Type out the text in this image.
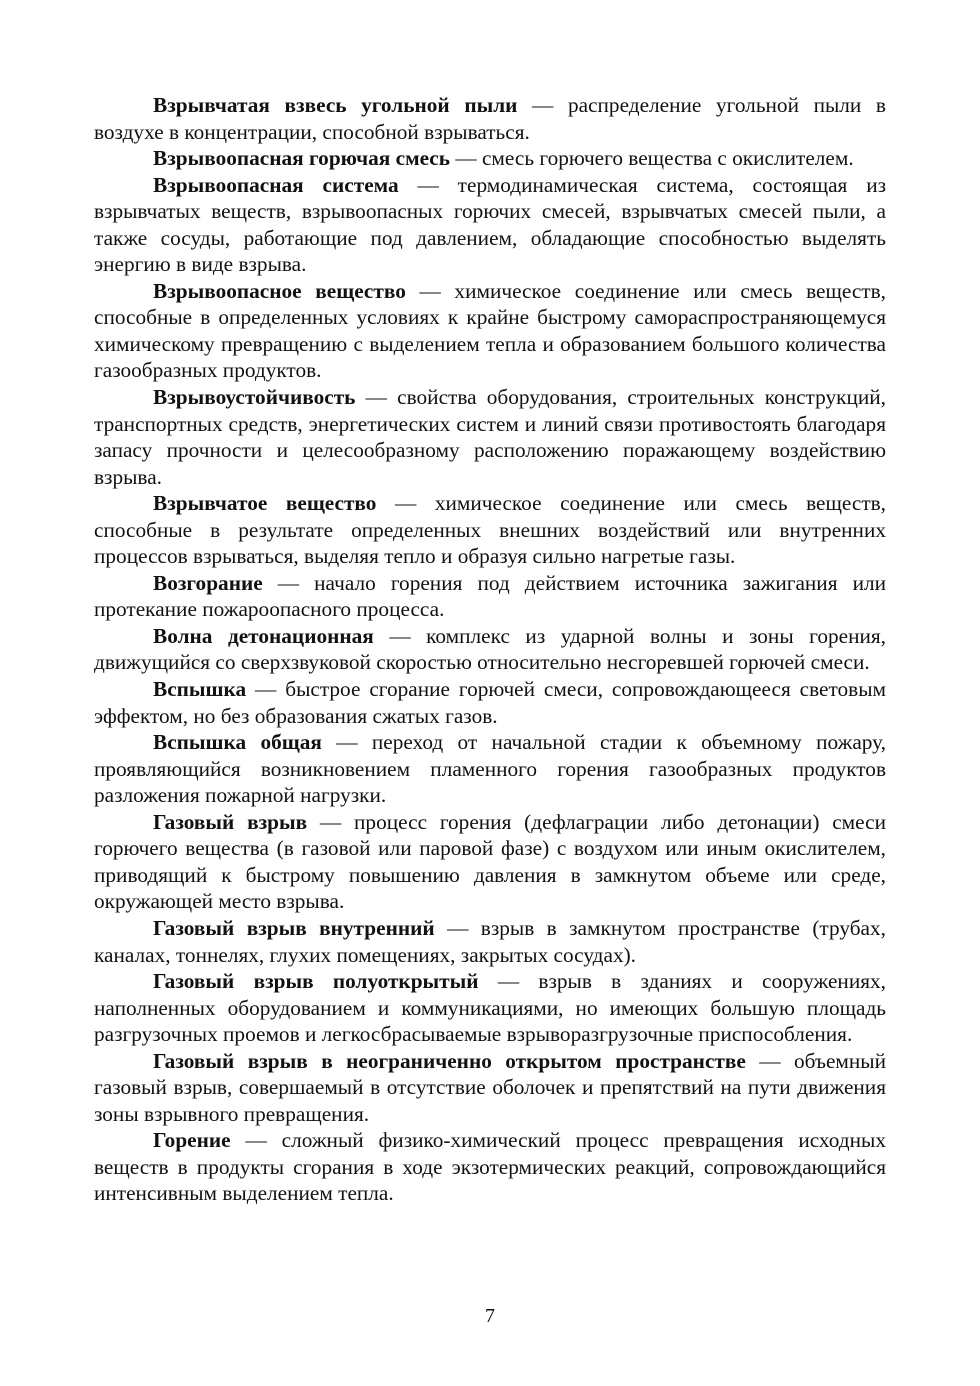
Взрывчатая взвесь угольной пыли — распределение угольной пыли в воздухе в концентрации, способной взрываться.

Взрывоопасная горючая смесь — смесь горючего вещества с окислителем.

Взрывоопасная система — термодинамическая система, состоящая из взрывчатых веществ, взрывоопасных горючих смесей, взрывчатых смесей пыли, а также сосуды, работающие под давлением, обладающие способностью выделять энергию в виде взрыва.

Взрывоопасное вещество — химическое соединение или смесь веществ, способные в определенных условиях к крайне быстрому самораспространяющемуся химическому превращению с выделением тепла и образованием большого количества газообразных продуктов.

Взрывоустойчивость — свойства оборудования, строительных конструкций, транспортных средств, энергетических систем и линий связи противостоять благодаря запасу прочности и целесообразному расположению поражающему воздействию взрыва.

Взрывчатое вещество — химическое соединение или смесь веществ, способные в результате определенных внешних воздействий или внутренних процессов взрываться, выделяя тепло и образуя сильно нагретые газы.

Возгорание — начало горения под действием источника зажигания или протекание пожароопасного процесса.

Волна детонационная — комплекс из ударной волны и зоны горения, движущийся со сверхзвуковой скоростью относительно несгоревшей горючей смеси.

Вспышка — быстрое сгорание горючей смеси, сопровождающееся световым эффектом, но без образования сжатых газов.

Вспышка общая — переход от начальной стадии к объемному пожару, проявляющийся возникновением пламенного горения газообразных продуктов разложения пожарной нагрузки.

Газовый взрыв — процесс горения (дефлаграции либо детонации) смеси горючего вещества (в газовой или паровой фазе) с воздухом или иным окислителем, приводящий к быстрому повышению давления в замкнутом объеме или среде, окружающей место взрыва.

Газовый взрыв внутренний — взрыв в замкнутом пространстве (трубах, каналах, тоннелях, глухих помещениях, закрытых сосудах).

Газовый взрыв полуоткрытый — взрыв в зданиях и сооружениях, наполненных оборудованием и коммуникациями, но имеющих большую площадь разгрузочных проемов и легкосбрасываемые взрыворазгрузочные приспособления.

Газовый взрыв в неограниченно открытом пространстве — объемный газовый взрыв, совершаемый в отсутствие оболочек и препятствий на пути движения зоны взрывного превращения.

Горение — сложный физико-химический процесс превращения исходных веществ в продукты сгорания в ходе экзотермических реакций, сопровождающийся интенсивным выделением тепла.

7
